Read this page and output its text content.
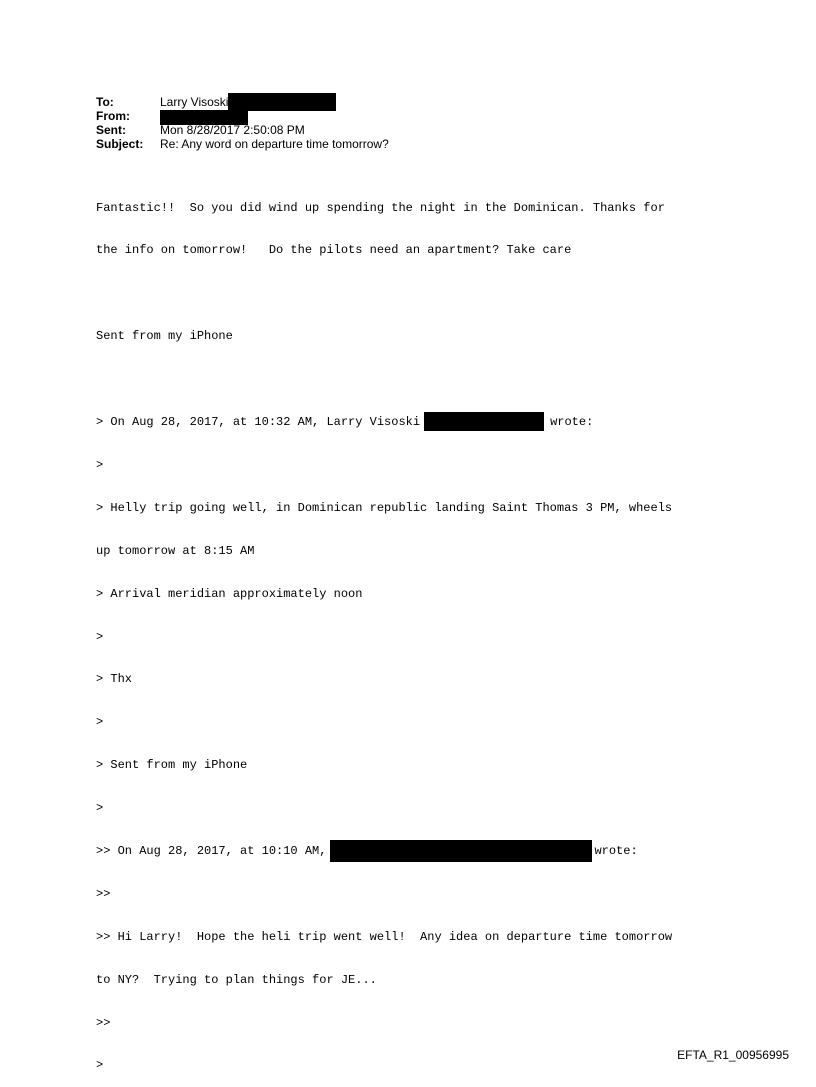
To:	Larry Visoski
From:
Sent:	Mon 8/28/2017 2:50:08 PM
Subject: Re: Any word on departure time tomorrow?

Fantastic!!  So you did wind up spending the night in the Dominican. Thanks for

the info on tomorrow!   Do the pilots need an apartment? Take care

Sent from my iPhone

> On Aug 28, 2017, at 10:32 AM, Larry Visoski	wrote:

>

> Helly trip going well, in Dominican republic landing Saint Thomas 3 PM, wheels

up tomorrow at 8:15 AM

> Arrival meridian approximately noon

>

> Thx

>

> Sent from my iPhone

>

>> On Aug 28, 2017, at 10:10 AM,	wrote:

>>

>> Hi Larry!  Hope the heli trip went well!  Any idea on departure time tomorrow

to NY?  Trying to plan things for JE...

>>

>

EFTA_R1_00956995
